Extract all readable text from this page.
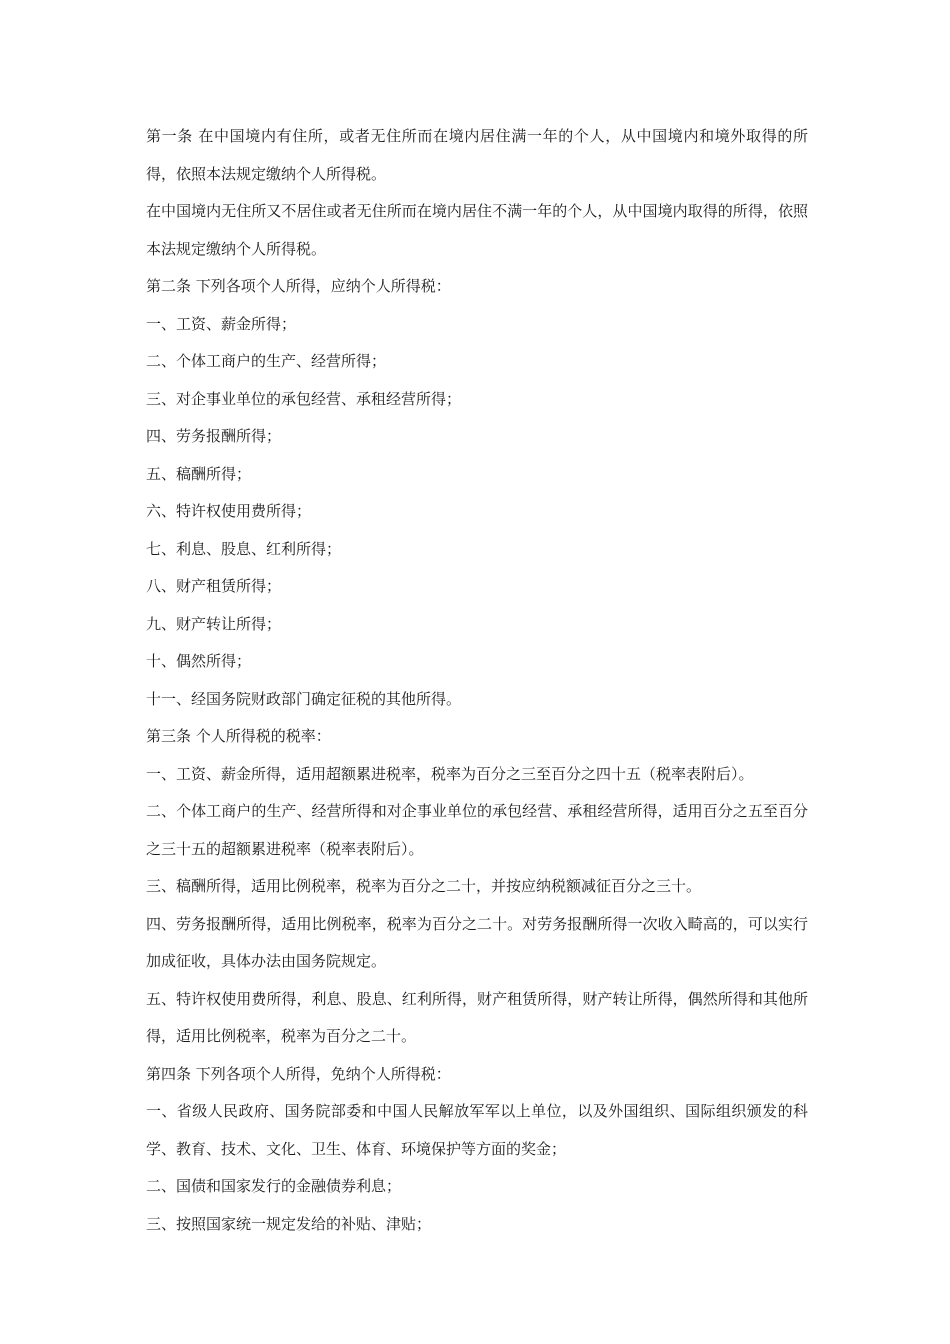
第一条 在中国境内有住所，或者无住所而在境内居住满一年的个人，从中国境内和境外取得的所得，依照本法规定缴纳个人所得税。

在中国境内无住所又不居住或者无住所而在境内居住不满一年的个人，从中国境内取得的所得，依照本法规定缴纳个人所得税。

第二条 下列各项个人所得，应纳个人所得税：

一、工资、薪金所得；

二、个体工商户的生产、经营所得；

三、对企事业单位的承包经营、承租经营所得；

四、劳务报酬所得；

五、稿酬所得；

六、特许权使用费所得；

七、利息、股息、红利所得；

八、财产租赁所得；

九、财产转让所得；

十、偶然所得；

十一、经国务院财政部门确定征税的其他所得。

第三条 个人所得税的税率：

一、工资、薪金所得，适用超额累进税率，税率为百分之三至百分之四十五（税率表附后）。

二、个体工商户的生产、经营所得和对企事业单位的承包经营、承租经营所得，适用百分之五至百分之三十五的超额累进税率（税率表附后）。

三、稿酬所得，适用比例税率，税率为百分之二十，并按应纳税额减征百分之三十。

四、劳务报酬所得，适用比例税率，税率为百分之二十。对劳务报酬所得一次收入畸高的，可以实行加成征收，具体办法由国务院规定。

五、特许权使用费所得，利息、股息、红利所得，财产租赁所得，财产转让所得，偶然所得和其他所得，适用比例税率，税率为百分之二十。

第四条 下列各项个人所得，免纳个人所得税：

一、省级人民政府、国务院部委和中国人民解放军军以上单位，以及外国组织、国际组织颁发的科学、教育、技术、文化、卫生、体育、环境保护等方面的奖金；

二、国债和国家发行的金融债券利息；

三、按照国家统一规定发给的补贴、津贴；
